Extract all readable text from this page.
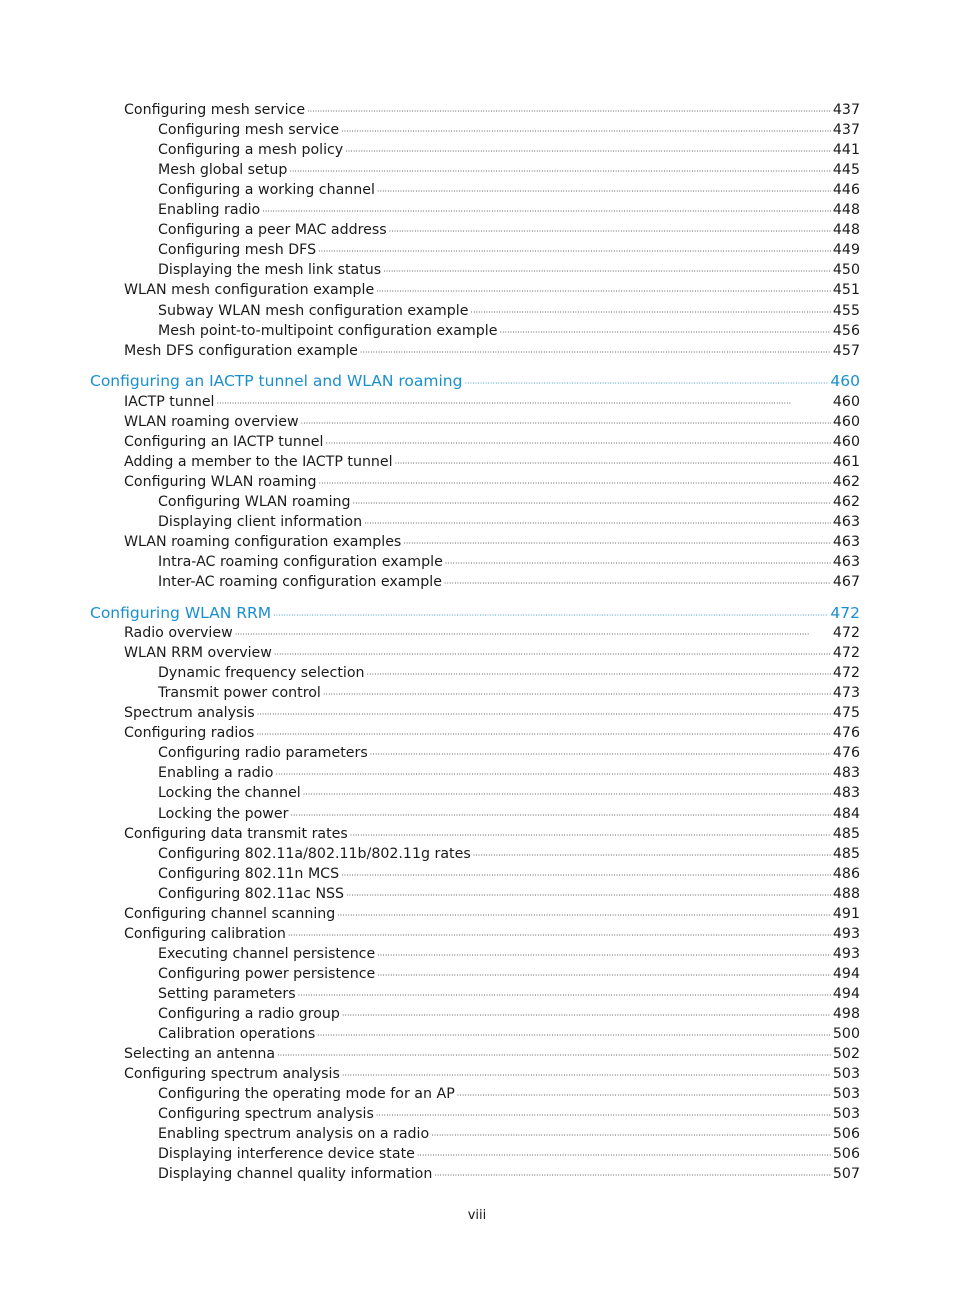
Configuring mesh service ·····	437
Configuring mesh service ·····	437
Configuring a mesh policy ·····	441
Mesh global setup ·····	445
Configuring a working channel ·····	446
Enabling radio ·····	448
Configuring a peer MAC address ·····	448
Configuring mesh DFS ·····	449
Displaying the mesh link status ·····	450
WLAN mesh configuration example ·····	451
Subway WLAN mesh configuration example ·····	455
Mesh point-to-multipoint configuration example ·····	456
Mesh DFS configuration example ·····	457
Configuring an IACTP tunnel and WLAN roaming ·····	460
IACTP tunnel ·····	460
WLAN roaming overview ·····	460
Configuring an IACTP tunnel ·····	460
Adding a member to the IACTP tunnel ·····	461
Configuring WLAN roaming ·····	462
Configuring WLAN roaming ·····	462
Displaying client information ·····	463
WLAN roaming configuration examples ·····	463
Intra-AC roaming configuration example ·····	463
Inter-AC roaming configuration example ·····	467
Configuring WLAN RRM ·····	472
Radio overview ·····	472
WLAN RRM overview ·····	472
Dynamic frequency selection ·····	472
Transmit power control ·····	473
Spectrum analysis ·····	475
Configuring radios ·····	476
Configuring radio parameters ·····	476
Enabling a radio ·····	483
Locking the channel ·····	483
Locking the power ·····	484
Configuring data transmit rates ·····	485
Configuring 802.11a/802.11b/802.11g rates ·····	485
Configuring 802.11n MCS ·····	486
Configuring 802.11ac NSS ·····	488
Configuring channel scanning ·····	491
Configuring calibration ·····	493
Executing channel persistence ·····	493
Configuring power persistence ·····	494
Setting parameters ·····	494
Configuring a radio group ·····	498
Calibration operations ·····	500
Selecting an antenna ·····	502
Configuring spectrum analysis ·····	503
Configuring the operating mode for an AP ·····	503
Configuring spectrum analysis ·····	503
Enabling spectrum analysis on a radio ·····	506
Displaying interference device state ·····	506
Displaying channel quality information ·····	507
viii
